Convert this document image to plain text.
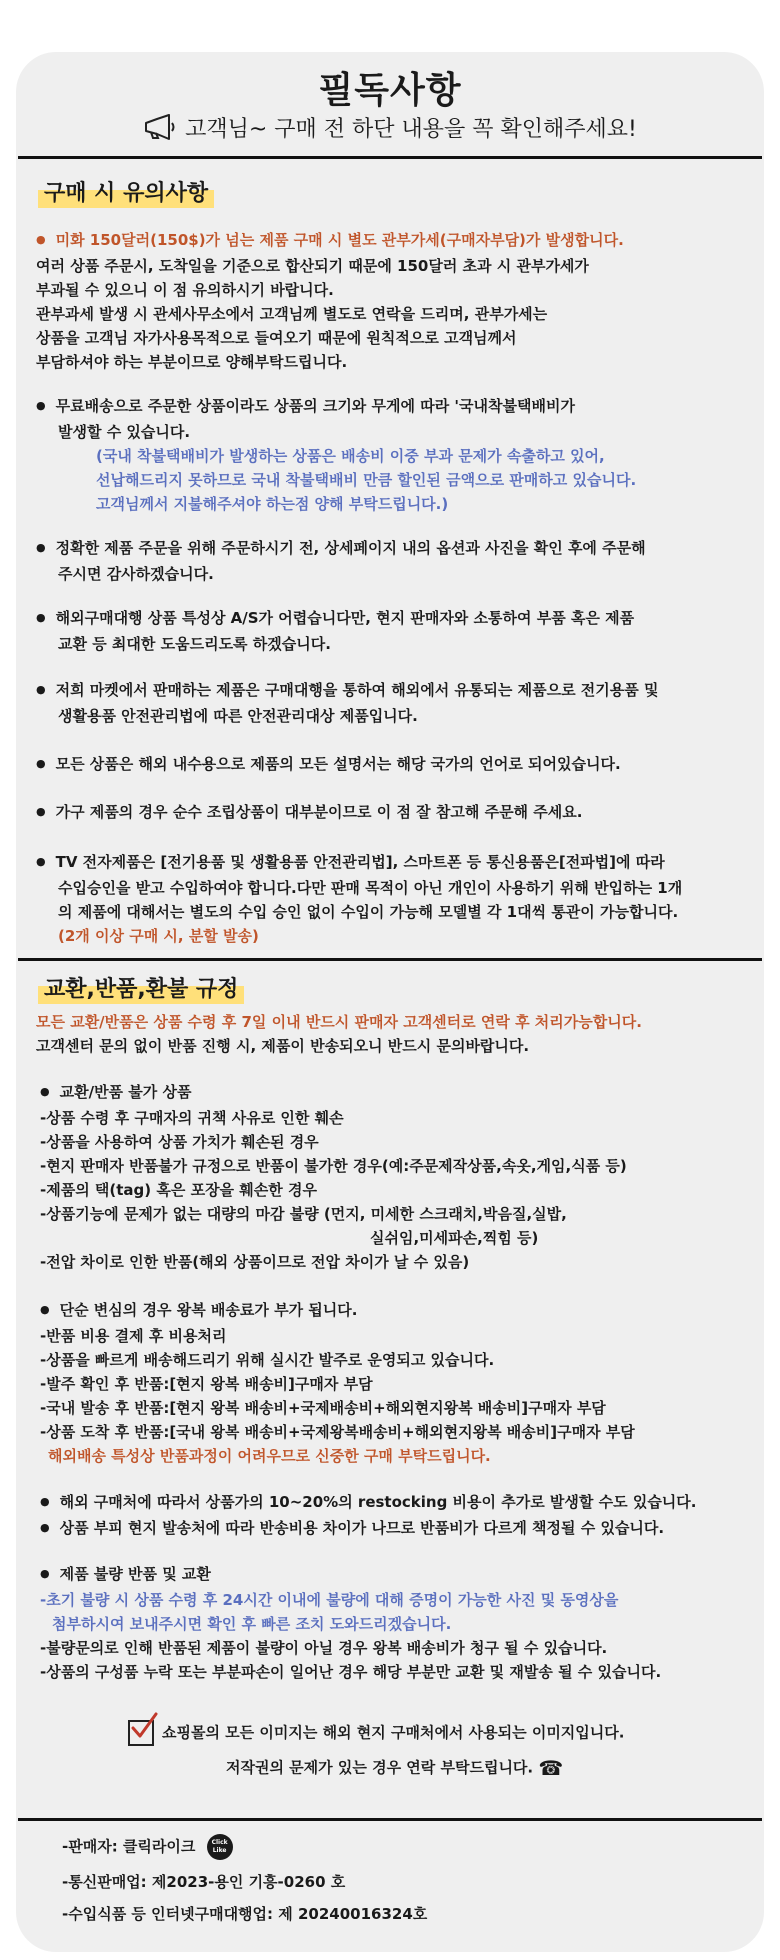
필독사항
고객님~ 구매 전 하단 내용을 꼭 확인해주세요!
구매 시 유의사항
● 미화 150달러(150$)가 넘는 제품 구매 시 별도 관부가세(구매자부담)가 발생합니다.
여러 상품 주문시, 도착일을 기준으로 합산되기 때문에 150달러 초과 시 관부가세가
부과될 수 있으니 이 점 유의하시기 바랍니다.
관부과세 발생 시 관세사무소에서 고객님께 별도로 연락을 드리며, 관부가세는
상품을 고객님 자가사용목적으로 들여오기 때문에 원칙적으로 고객님께서
부담하셔야 하는 부분이므로 양해부탁드립니다.
● 무료배송으로 주문한 상품이라도 상품의 크기와 무게에 따라 '국내착불택배비가
발생할 수 있습니다.
(국내 착불택배비가 발생하는 상품은 배송비 이중 부과 문제가 속출하고 있어,
선납해드리지 못하므로 국내 착불택배비 만큼 할인된 금액으로 판매하고 있습니다.
고객님께서 지불해주셔야 하는점 양해 부탁드립니다.)
● 정확한 제품 주문을 위해 주문하시기 전, 상세페이지 내의 옵션과 사진을 확인 후에 주문해
주시면 감사하겠습니다.
● 해외구매대행 상품 특성상 A/S가 어렵습니다만, 현지 판매자와 소통하여 부품 혹은 제품
교환 등 최대한 도움드리도록 하겠습니다.
● 저희 마켓에서 판매하는 제품은 구매대행을 통하여 해외에서 유통되는 제품으로 전기용품 및
생활용품 안전관리법에 따른 안전관리대상 제품입니다.
● 모든 상품은 해외 내수용으로 제품의 모든 설명서는 해당 국가의 언어로 되어있습니다.
● 가구 제품의 경우 순수 조립상품이 대부분이므로 이 점 잘 참고해 주문해 주세요.
● TV 전자제품은 [전기용품 및 생활용품 안전관리법], 스마트폰 등 통신용품은[전파법]에 따라
수입승인을 받고 수입하여야 합니다.다만 판매 목적이 아닌 개인이 사용하기 위해 반입하는 1개
의 제품에 대해서는 별도의 수입 승인 없이 수입이 가능해 모델별 각 1대씩 통관이 가능합니다.
(2개 이상 구매 시, 분할 발송)
교환,반품,환불 규정
모든 교환/반품은 상품 수령 후 7일 이내 반드시 판매자 고객센터로 연락 후 처리가능합니다.
고객센터 문의 없이 반품 진행 시, 제품이 반송되오니 반드시 문의바랍니다.
● 교환/반품 불가 상품
-상품 수령 후 구매자의 귀책 사유로 인한 훼손
-상품을 사용하여 상품 가치가 훼손된 경우
-현지 판매자 반품불가 규정으로 반품이 불가한 경우(예:주문제작상품,속옷,게임,식품 등)
-제품의 택(tag) 혹은 포장을 훼손한 경우
-상품기능에 문제가 없는 대량의 마감 불량 (먼지, 미세한 스크래치,박음질,실밥,
실쉬임,미세파손,찍힘 등)
-전압 차이로 인한 반품(해외 상품이므로 전압 차이가 날 수 있음)
● 단순 변심의 경우 왕복 배송료가 부가 됩니다.
-반품 비용 결제 후 비용처리
-상품을 빠르게 배송해드리기 위해 실시간 발주로 운영되고 있습니다.
-발주 확인 후 반품:[현지 왕복 배송비]구매자 부담
-국내 발송 후 반품:[현지 왕복 배송비+국제배송비+해외현지왕복 배송비]구매자 부담
-상품 도착 후 반품:[국내 왕복 배송비+국제왕복배송비+해외현지왕복 배송비]구매자 부담
해외배송 특성상 반품과정이 어려우므로 신중한 구매 부탁드립니다.
● 해외 구매처에 따라서 상품가의 10~20%의 restocking 비용이 추가로 발생할 수도 있습니다.
● 상품 부피 현지 발송처에 따라 반송비용 차이가 나므로 반품비가 다르게 책정될 수 있습니다.
● 제품 불량 반품 및 교환
-초기 불량 시 상품 수령 후 24시간 이내에 불량에 대해 증명이 가능한 사진 및 동영상을
첨부하시여 보내주시면 확인 후 빠른 조치 도와드리겠습니다.
-불량문의로 인해 반품된 제품이 불량이 아닐 경우 왕복 배송비가 청구 될 수 있습니다.
-상품의 구성품 누락 또는 부분파손이 일어난 경우 해당 부분만 교환 및 재발송 될 수 있습니다.
쇼핑몰의 모든 이미지는 해외 현지 구매처에서 사용되는 이미지입니다.
저작권의 문제가 있는 경우 연락 부탁드립니다. ☎
-판매자: 클릭라이크	Click Like
-통신판매업: 제2023-용인 기흥-0260 호
-수입식품 등 인터넷구매대행업: 제 20240016324호
